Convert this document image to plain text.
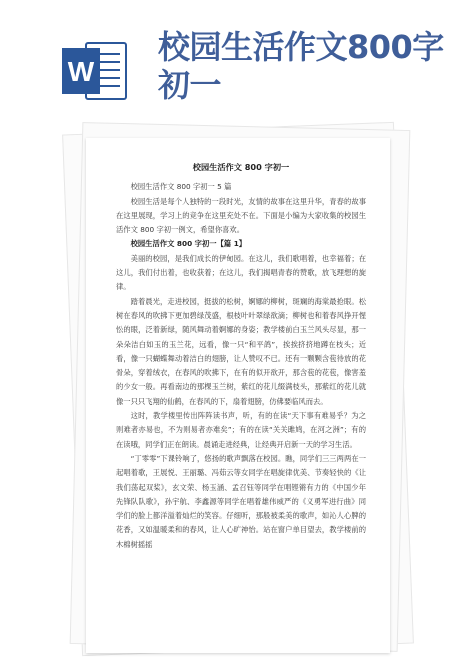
W
校园生活作文800字初一

校园生活作文 800 字初一

校园生活作文 800 字初一 5 篇

校园生活是每个人独特的一段时光，友情的故事在这里升华，青春的故事在这里展现，学习上的竞争在这里充处不在。下面是小编为大家收集的校园生活作文 800 字初一例文，希望你喜欢。

校园生活作文 800 字初一【篇 1】

美丽的校园，是我们成长的伊甸园。在这儿，我们歌唱着，也幸福着；在这儿，我们付出着，也收获着；在这儿，我们揭唱青春的赞歌，放飞理想的旋律。

踏着晨光，走进校园，挺拔的松树，婀娜的柳树，斑斓的海棠最抢眼。松树在春风的吹拂下更加碧绿茂盛，根枝叶叶翠绿欲滴；柳树也和着春风挣开惺忪的眼，泛着新绿，随风舞动着婀娜的身姿；教学楼前白玉兰风头尽显，那一朵朵洁白如玉的玉兰花，远看，像一只“和平鸽”，挨挨挤挤地蹲在枝头；近看，像一只蝴蝶舞动着洁白的翅膀，让人赞叹不已。还有一颗颗含苞待放的花骨朵，穿着绒衣，在春风的吹拂下，在有的似开欲开，那含苞的花苞，像害羞的少女一般。再看南边的那棵玉兰树，紫红的花儿缀满枝头，那紫红的花儿就像一只只飞翔的仙鹤，在春风的下，扇着翅膀，仿佛要临风而去。

这时，教学楼里传出阵阵读书声，听，有的在读“天下事有难易乎？为之则难者亦易也，不为则易者亦难矣”；有的在读“关关雎鸠，在河之洲”；有的在读哦，同学们正在朗读。晨诵走进经典，让经典开启新一天的学习生活。

“丁零零”下课铃响了，悠扬的歌声飘落在校园。瞧，同学们三三两两在一起唱着歌，王展悦、王丽璐、冯茹云等女同学在唱旋律优美、节奏轻快的《让我们荡起双桨》，玄文荣、杨玉涵、孟召钰等同学在唱铿锵有力的《中国少年先锋队队歌》，孙宇航、李鑫源等同学在唱着雄伟威严的《义勇军进行曲》同学们的脸上都洋溢着灿烂的笑容。仔细听，那般被柔美的歌声，如沁人心脾的花香，又如温暖柔和的春风，让人心旷神怡。站在窗户单目望去，教学楼前的木棉树摇摇
